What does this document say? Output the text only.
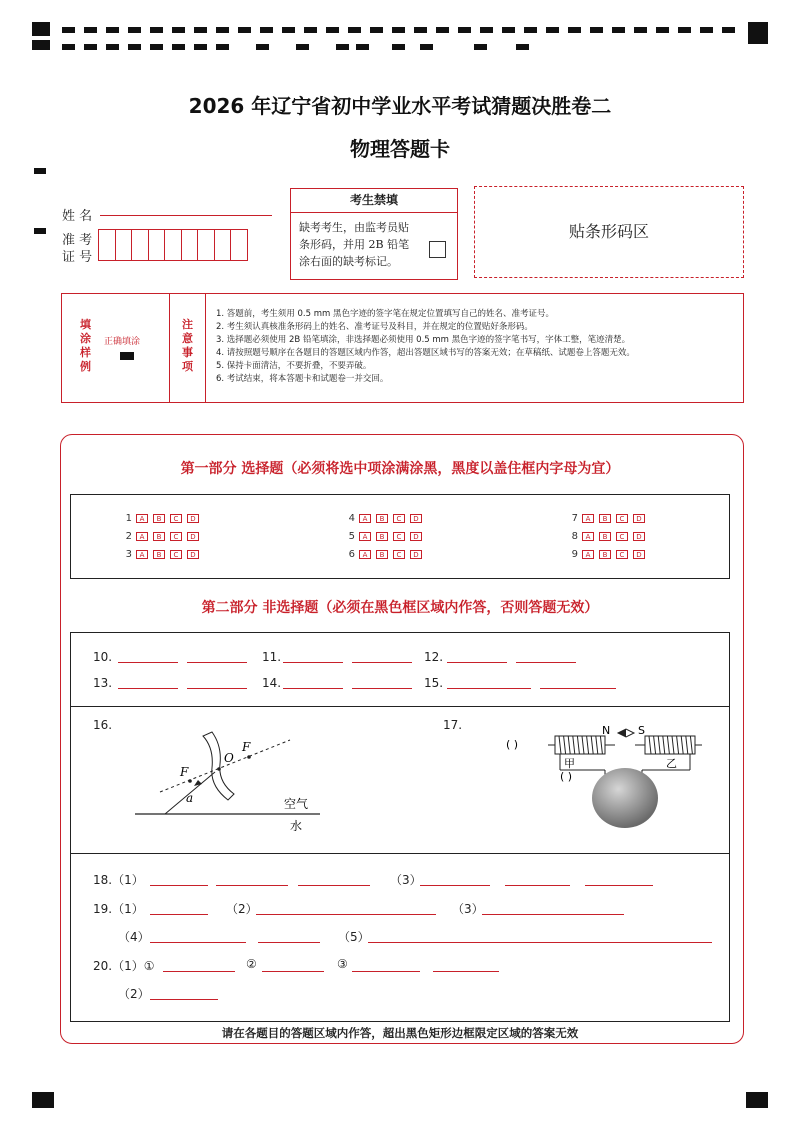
2026 年辽宁省初中学业水平考试猜题决胜卷二
物理答题卡
姓 名
准 考
证 号
考生禁填
缺考考生，由监考员贴
条形码，并用 2B 铅笔
涂右面的缺考标记。
贴条形码区
填
涂
样
例
正确填涂
注
意
事
项
1. 答题前，考生须用 0.5 mm 黑色字迹的签字笔在规定位置填写自己的姓名、准考证号。
2. 考生须认真核准条形码上的姓名、准考证号及科目，并在规定的位置贴好条形码。
3. 选择题必须使用 2B 铅笔填涂，非选择题必须使用 0.5 mm 黑色字迹的签字笔书写，字体工整，笔迹清楚。
4. 请按照题号顺序在各题目的答题区域内作答，超出答题区域书写的答案无效；在草稿纸、试题卷上答题无效。
5. 保持卡面清洁，不要折叠，不要弄破。
6. 考试结束，将本答题卡和试题卷一并交回。
第一部分 选择题（必须将选中项涂满涂黑，黑度以盖住框内字母为宜）
1	A	B	C	D
2	A	B	C	D
3	A	B	C	D
4	A	B	C	D
5	A	B	C	D
6	A	B	C	D
7	A	B	C	D
8	A	B	C	D
9	A	B	C	D
第二部分 非选择题（必须在黑色框区域内作答，否则答题无效）
10.	11.	12.
13.	14.	15.
16.
O
F
F
a	空气
水
17.
( )
N	S
甲	乙
( )
18.（1）	（3）
19.（1）	（2）	（3）
（4）	（5）
20.（1）①	②	③
（2）
请在各题目的答题区域内作答，超出黑色矩形边框限定区域的答案无效
